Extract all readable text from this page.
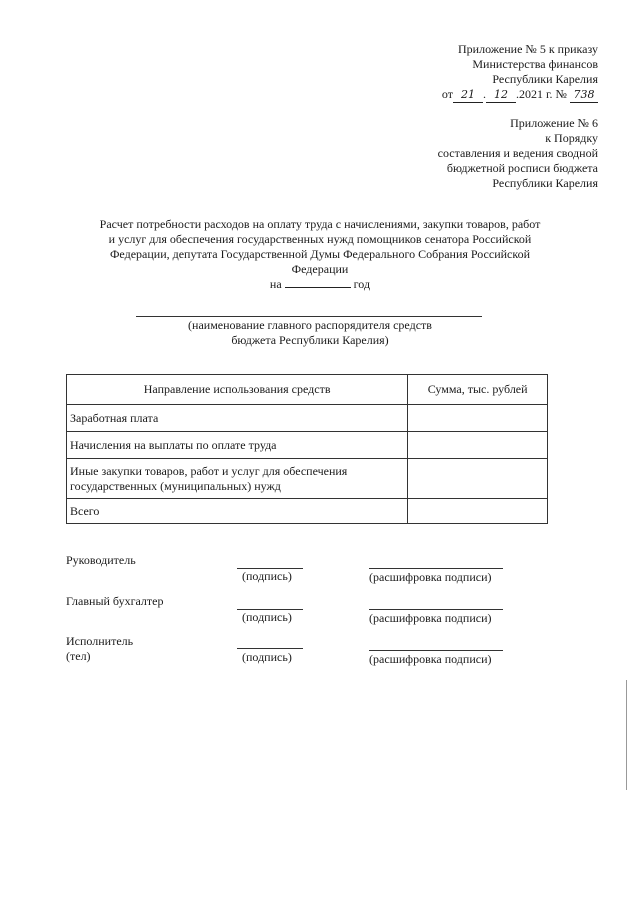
Приложение № 5 к приказу
Министерства финансов
Республики Карелия
от 21 . 12 .2021 г. № 738
Приложение № 6
к Порядку
составления и ведения сводной
бюджетной росписи бюджета
Республики Карелия
Расчет потребности расходов на оплату труда с начислениями, закупки товаров, работ
и услуг для обеспечения государственных нужд помощников сенатора Российской
Федерации, депутата Государственной Думы Федерального Собрания Российской
Федерации
на	год
(наименование главного распорядителя средств
бюджета Республики Карелия)
Направление использования средств	Сумма, тыс. рублей
Заработная плата	
Начисления на выплаты по оплате труда	
Иные закупки товаров, работ и услуг для обеспечения государственных (муниципальных) нужд	
Всего	
Руководитель
(подпись)	(расшифровка подписи)
Главный бухгалтер
(подпись)	(расшифровка подписи)
Исполнитель
(тел)	(подпись)	(расшифровка подписи)
